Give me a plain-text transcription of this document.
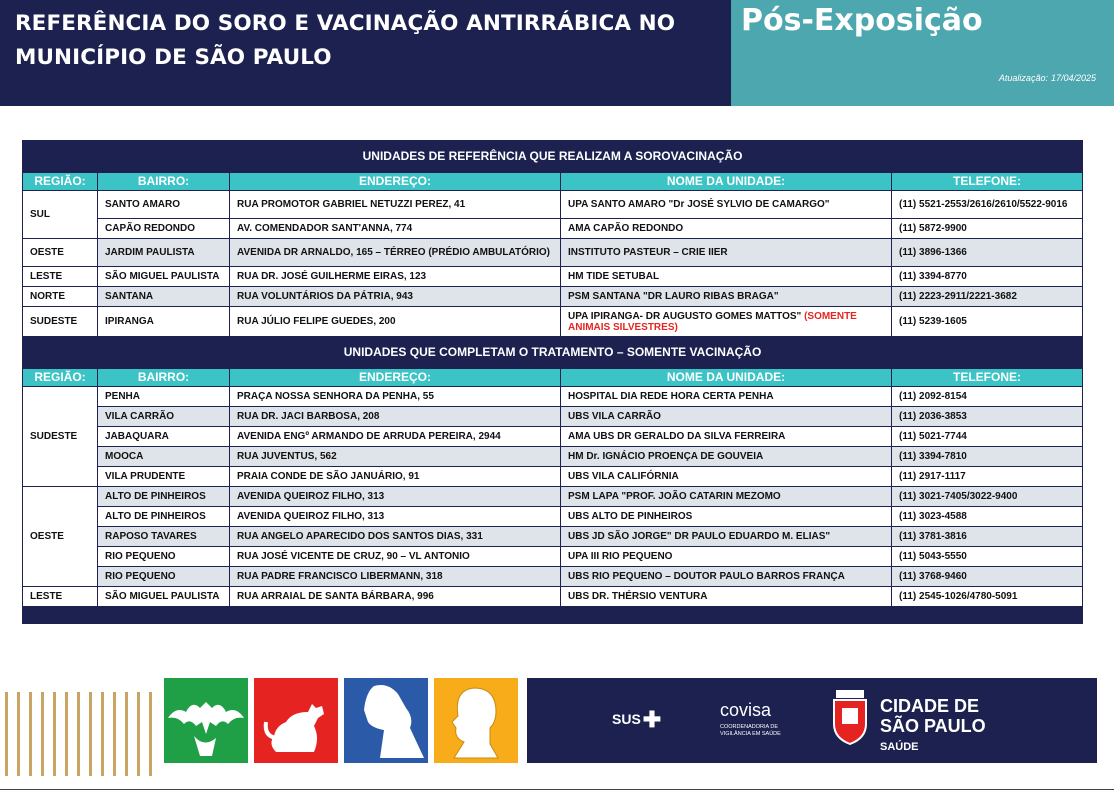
REFERÊNCIA DO SORO E VACINAÇÃO ANTIRRÁBICA NO
MUNICÍPIO DE SÃO PAULO
Pós-Exposição
Atualização: 17/04/2025
UNIDADES DE REFERÊNCIA QUE REALIZAM A SOROVACINAÇÃO				
REGIÃO:	BAIRRO:	ENDEREÇO:	NOME DA UNIDADE:	TELEFONE:
SUL	SANTO AMARO	RUA PROMOTOR GABRIEL NETUZZI PEREZ, 41	UPA SANTO AMARO "Dr JOSÉ SYLVIO DE CAMARGO"	(11) 5521-2553/2616/2610/5522-9016
	CAPÃO REDONDO	AV. COMENDADOR SANT'ANNA, 774	AMA CAPÃO REDONDO	(11) 5872-9900
OESTE	JARDIM PAULISTA	AVENIDA DR ARNALDO, 165 – TÉRREO (PRÉDIO AMBULATÓRIO)	INSTITUTO PASTEUR – CRIE IIER	(11) 3896-1366
LESTE	SÃO MIGUEL PAULISTA	RUA DR. JOSÉ GUILHERME EIRAS, 123	HM TIDE SETUBAL	(11) 3394-8770
NORTE	SANTANA	RUA VOLUNTÁRIOS DA PÁTRIA, 943	PSM SANTANA "DR LAURO RIBAS BRAGA"	(11) 2223-2911/2221-3682
SUDESTE	IPIRANGA	RUA JÚLIO FELIPE GUEDES, 200	UPA IPIRANGA- DR AUGUSTO GOMES MATTOS" (SOMENTE ANIMAIS SILVESTRES)	(11) 5239-1605
UNIDADES QUE COMPLETAM O TRATAMENTO – SOMENTE VACINAÇÃO				
REGIÃO:	BAIRRO:	ENDEREÇO:	NOME DA UNIDADE:	TELEFONE:
SUDESTE	PENHA	PRAÇA NOSSA SENHORA DA PENHA, 55	HOSPITAL DIA REDE HORA CERTA PENHA	(11) 2092-8154
	VILA CARRÃO	RUA DR. JACI BARBOSA, 208	UBS VILA CARRÃO	(11) 2036-3853
	JABAQUARA	AVENIDA ENGº ARMANDO DE ARRUDA PEREIRA, 2944	AMA UBS DR GERALDO DA SILVA FERREIRA	(11) 5021-7744
	MOOCA	RUA JUVENTUS, 562	HM Dr. IGNÁCIO PROENÇA DE GOUVEIA	(11) 3394-7810
	VILA PRUDENTE	PRAIA CONDE DE SÃO JANUÁRIO, 91	UBS VILA CALIFÓRNIA	(11) 2917-1117
OESTE	ALTO DE PINHEIROS	AVENIDA QUEIROZ FILHO, 313	PSM LAPA "PROF. JOÃO CATARIN MEZOMO	(11) 3021-7405/3022-9400
	ALTO DE PINHEIROS	AVENIDA QUEIROZ FILHO, 313	UBS ALTO DE PINHEIROS	(11) 3023-4588
	RAPOSO TAVARES	RUA ANGELO APARECIDO DOS SANTOS DIAS, 331	UBS JD SÃO JORGE" DR PAULO EDUARDO M. ELIAS"	(11) 3781-3816
	RIO PEQUENO	RUA JOSÉ VICENTE DE CRUZ, 90 – VL ANTONIO	UPA III RIO PEQUENO	(11) 5043-5550
	RIO PEQUENO	RUA PADRE FRANCISCO LIBERMANN, 318	UBS RIO PEQUENO – DOUTOR PAULO BARROS FRANÇA	(11) 3768-9460
LESTE	SÃO MIGUEL PAULISTA	RUA ARRAIAL DE SANTA BÁRBARA, 996	UBS DR. THÉRSIO VENTURA	(11) 2545-1026/4780-5091

SUS✚	covisa
COORDENADORIA DE VIGILÂNCIA EM SAÚDE
CIDADE DE
SÃO PAULO
SAÚDE
